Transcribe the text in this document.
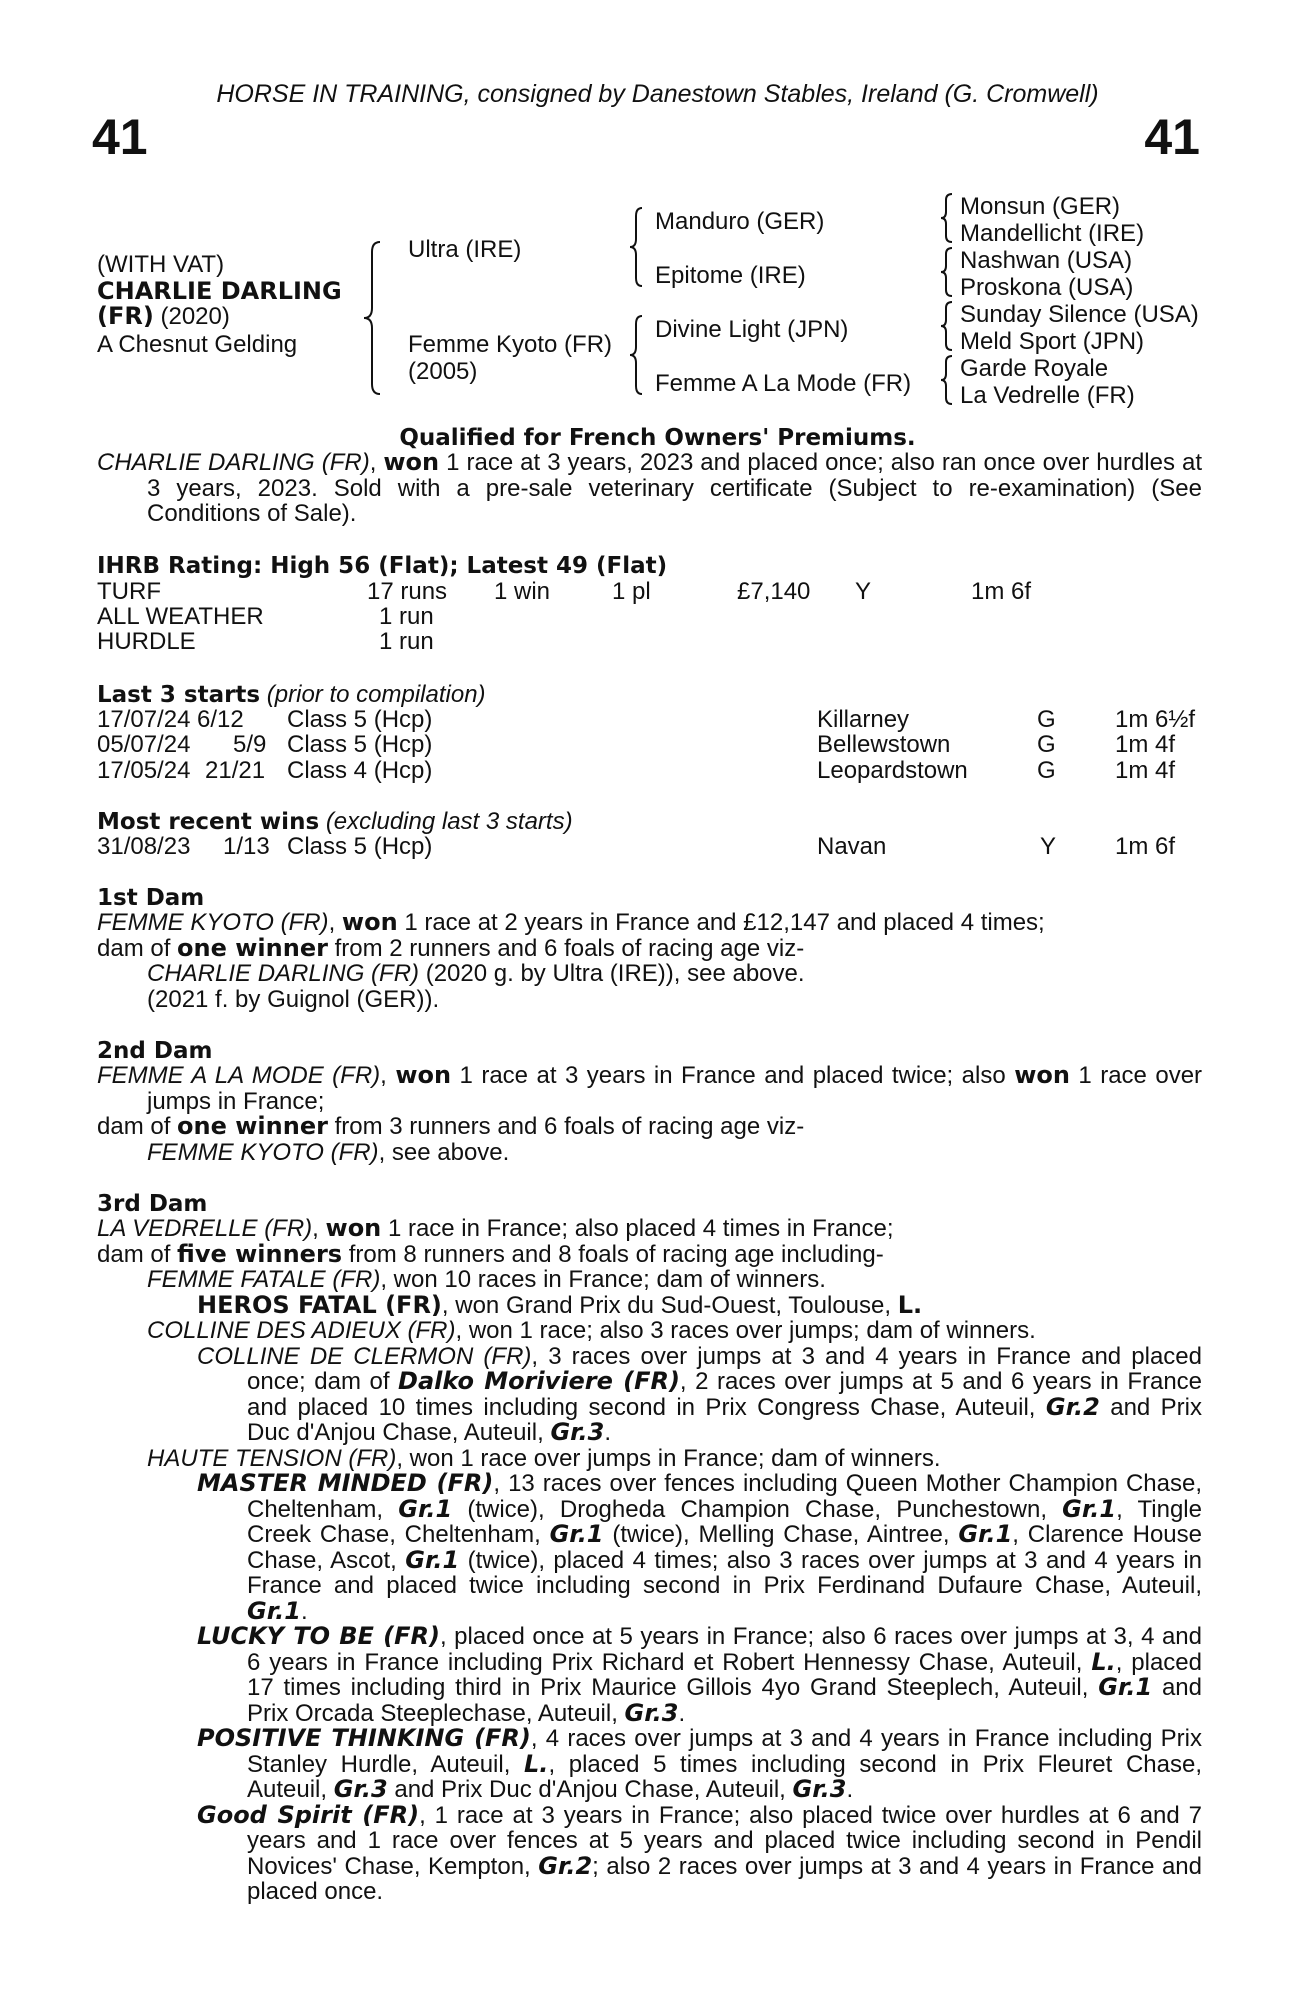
HORSE IN TRAINING, consigned by Danestown Stables, Ireland (G. Cromwell)
41	41
(WITH VAT)
CHARLIE DARLING
(FR) (2020)
A Chesnut Gelding
Ultra (IRE)
Femme Kyoto (FR)
(2005)
Manduro (GER)
Epitome (IRE)
Divine Light (JPN)
Femme A La Mode (FR)
Monsun (GER)
Mandellicht (IRE)
Nashwan (USA)
Proskona (USA)
Sunday Silence (USA)
Meld Sport (JPN)
Garde Royale
La Vedrelle (FR)
Qualified for French Owners' Premiums.

CHARLIE DARLING (FR), won 1 race at 3 years, 2023 and placed once; also ran once over hurdles at 3 years, 2023. Sold with a pre-sale veterinary certificate (Subject to re-examination) (See Conditions of Sale).

IHRB Rating: High 56 (Flat); Latest 49 (Flat)
TURF	17 runs 1 win	1 pl	£7,140 Y	1m 6f
ALL WEATHER	1 run
HURDLE	1 run
Last 3 starts (prior to compilation)
17/07/24 6/12 Class 5 (Hcp)	Killarney	G 1m 6½f
05/07/24 5/9 Class 5 (Hcp)	Bellewstown	G 1m 4f
17/05/24 21/21 Class 4 (Hcp)	Leopardstown	G 1m 4f
Most recent wins (excluding last 3 starts)
31/08/23 1/13 Class 5 (Hcp)	Navan	Y 1m 6f
1st Dam

FEMME KYOTO (FR), won 1 race at 2 years in France and £12,147 and placed 4 times;

dam of one winner from 2 runners and 6 foals of racing age viz-

CHARLIE DARLING (FR) (2020 g. by Ultra (IRE)), see above.

(2021 f. by Guignol (GER)).

2nd Dam

FEMME A LA MODE (FR), won 1 race at 3 years in France and placed twice; also won 1 race over jumps in France;

dam of one winner from 3 runners and 6 foals of racing age viz-

FEMME KYOTO (FR), see above.

3rd Dam

LA VEDRELLE (FR), won 1 race in France; also placed 4 times in France;

dam of five winners from 8 runners and 8 foals of racing age including-

FEMME FATALE (FR), won 10 races in France; dam of winners.

HEROS FATAL (FR), won Grand Prix du Sud-Ouest, Toulouse, L.

COLLINE DES ADIEUX (FR), won 1 race; also 3 races over jumps; dam of winners.

COLLINE DE CLERMON (FR), 3 races over jumps at 3 and 4 years in France and placed once; dam of Dalko Moriviere (FR), 2 races over jumps at 5 and 6 years in France and placed 10 times including second in Prix Congress Chase, Auteuil, Gr.2 and Prix Duc d'Anjou Chase, Auteuil, Gr.3.

HAUTE TENSION (FR), won 1 race over jumps in France; dam of winners.

MASTER MINDED (FR), 13 races over fences including Queen Mother Champion Chase, Cheltenham, Gr.1 (twice), Drogheda Champion Chase, Punchestown, Gr.1, Tingle Creek Chase, Cheltenham, Gr.1 (twice), Melling Chase, Aintree, Gr.1, Clarence House Chase, Ascot, Gr.1 (twice), placed 4 times; also 3 races over jumps at 3 and 4 years in France and placed twice including second in Prix Ferdinand Dufaure Chase, Auteuil, Gr.1.

LUCKY TO BE (FR), placed once at 5 years in France; also 6 races over jumps at 3, 4 and 6 years in France including Prix Richard et Robert Hennessy Chase, Auteuil, L., placed 17 times including third in Prix Maurice Gillois 4yo Grand Steeplech, Auteuil, Gr.1 and Prix Orcada Steeplechase, Auteuil, Gr.3.

POSITIVE THINKING (FR), 4 races over jumps at 3 and 4 years in France including Prix Stanley Hurdle, Auteuil, L., placed 5 times including second in Prix Fleuret Chase, Auteuil, Gr.3 and Prix Duc d'Anjou Chase, Auteuil, Gr.3.

Good Spirit (FR), 1 race at 3 years in France; also placed twice over hurdles at 6 and 7 years and 1 race over fences at 5 years and placed twice including second in Pendil Novices' Chase, Kempton, Gr.2; also 2 races over jumps at 3 and 4 years in France and placed once.
